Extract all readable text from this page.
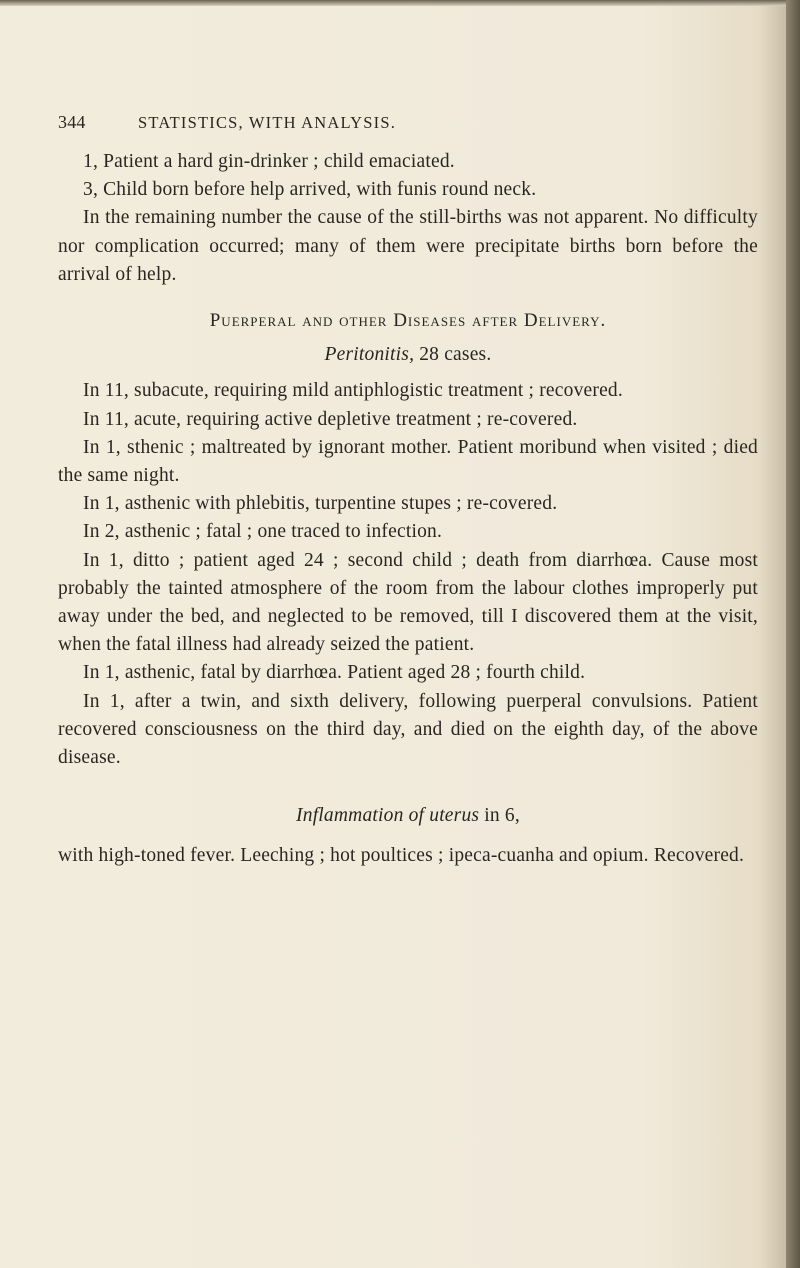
344	STATISTICS, WITH ANALYSIS.

1, Patient a hard gin-drinker ; child emaciated.

3, Child born before help arrived, with funis round neck.

In the remaining number the cause of the still-births was not apparent. No difficulty nor complication occurred; many of them were precipitate births born before the arrival of help.

Puerperal and other Diseases after Delivery.
Peritonitis, 28 cases.

In 11, subacute, requiring mild antiphlogistic treatment ; recovered.

In 11, acute, requiring active depletive treatment ; re-covered.

In 1, sthenic ; maltreated by ignorant mother. Patient moribund when visited ; died the same night.

In 1, asthenic with phlebitis, turpentine stupes ; re-covered.

In 2, asthenic ; fatal ; one traced to infection.

In 1, ditto ; patient aged 24 ; second child ; death from diarrhœa. Cause most probably the tainted atmosphere of the room from the labour clothes improperly put away under the bed, and neglected to be removed, till I discovered them at the visit, when the fatal illness had already seized the patient.

In 1, asthenic, fatal by diarrhœa. Patient aged 28 ; fourth child.

In 1, after a twin, and sixth delivery, following puerperal convulsions. Patient recovered consciousness on the third day, and died on the eighth day, of the above disease.

Inflammation of uterus in 6,

with high-toned fever. Leeching ; hot poultices ; ipeca-cuanha and opium. Recovered.
